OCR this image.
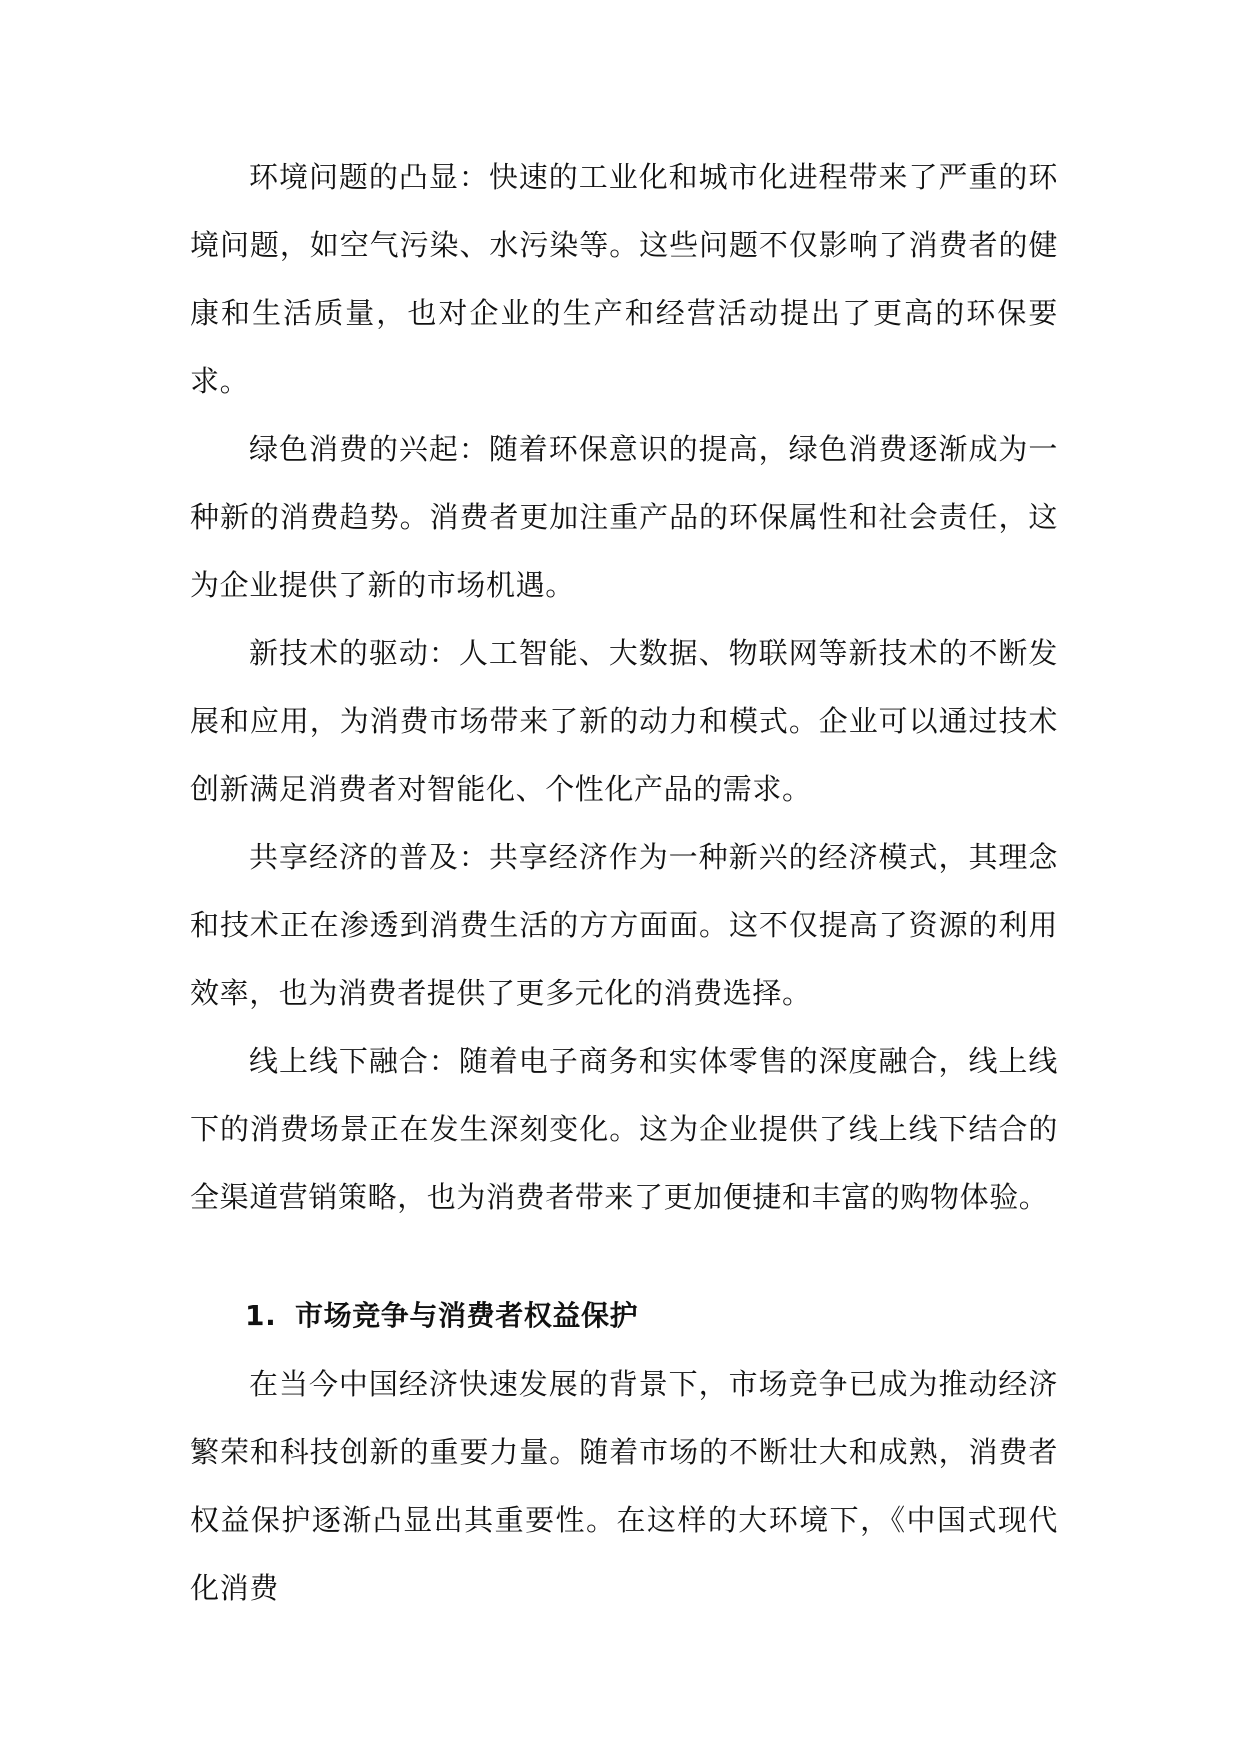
环境问题的凸显：快速的工业化和城市化进程带来了严重的环境问题，如空气污染、水污染等。这些问题不仅影响了消费者的健康和生活质量，也对企业的生产和经营活动提出了更高的环保要求。

绿色消费的兴起：随着环保意识的提高，绿色消费逐渐成为一种新的消费趋势。消费者更加注重产品的环保属性和社会责任，这为企业提供了新的市场机遇。

新技术的驱动：人工智能、大数据、物联网等新技术的不断发展和应用，为消费市场带来了新的动力和模式。企业可以通过技术创新满足消费者对智能化、个性化产品的需求。

共享经济的普及：共享经济作为一种新兴的经济模式，其理念和技术正在渗透到消费生活的方方面面。这不仅提高了资源的利用效率，也为消费者提供了更多元化的消费选择。

线上线下融合：随着电子商务和实体零售的深度融合，线上线下的消费场景正在发生深刻变化。这为企业提供了线上线下结合的全渠道营销策略，也为消费者带来了更加便捷和丰富的购物体验。

1. 市场竞争与消费者权益保护

在当今中国经济快速发展的背景下，市场竞争已成为推动经济繁荣和科技创新的重要力量。随着市场的不断壮大和成熟，消费者权益保护逐渐凸显出其重要性。在这样的大环境下，《中国式现代化消费
